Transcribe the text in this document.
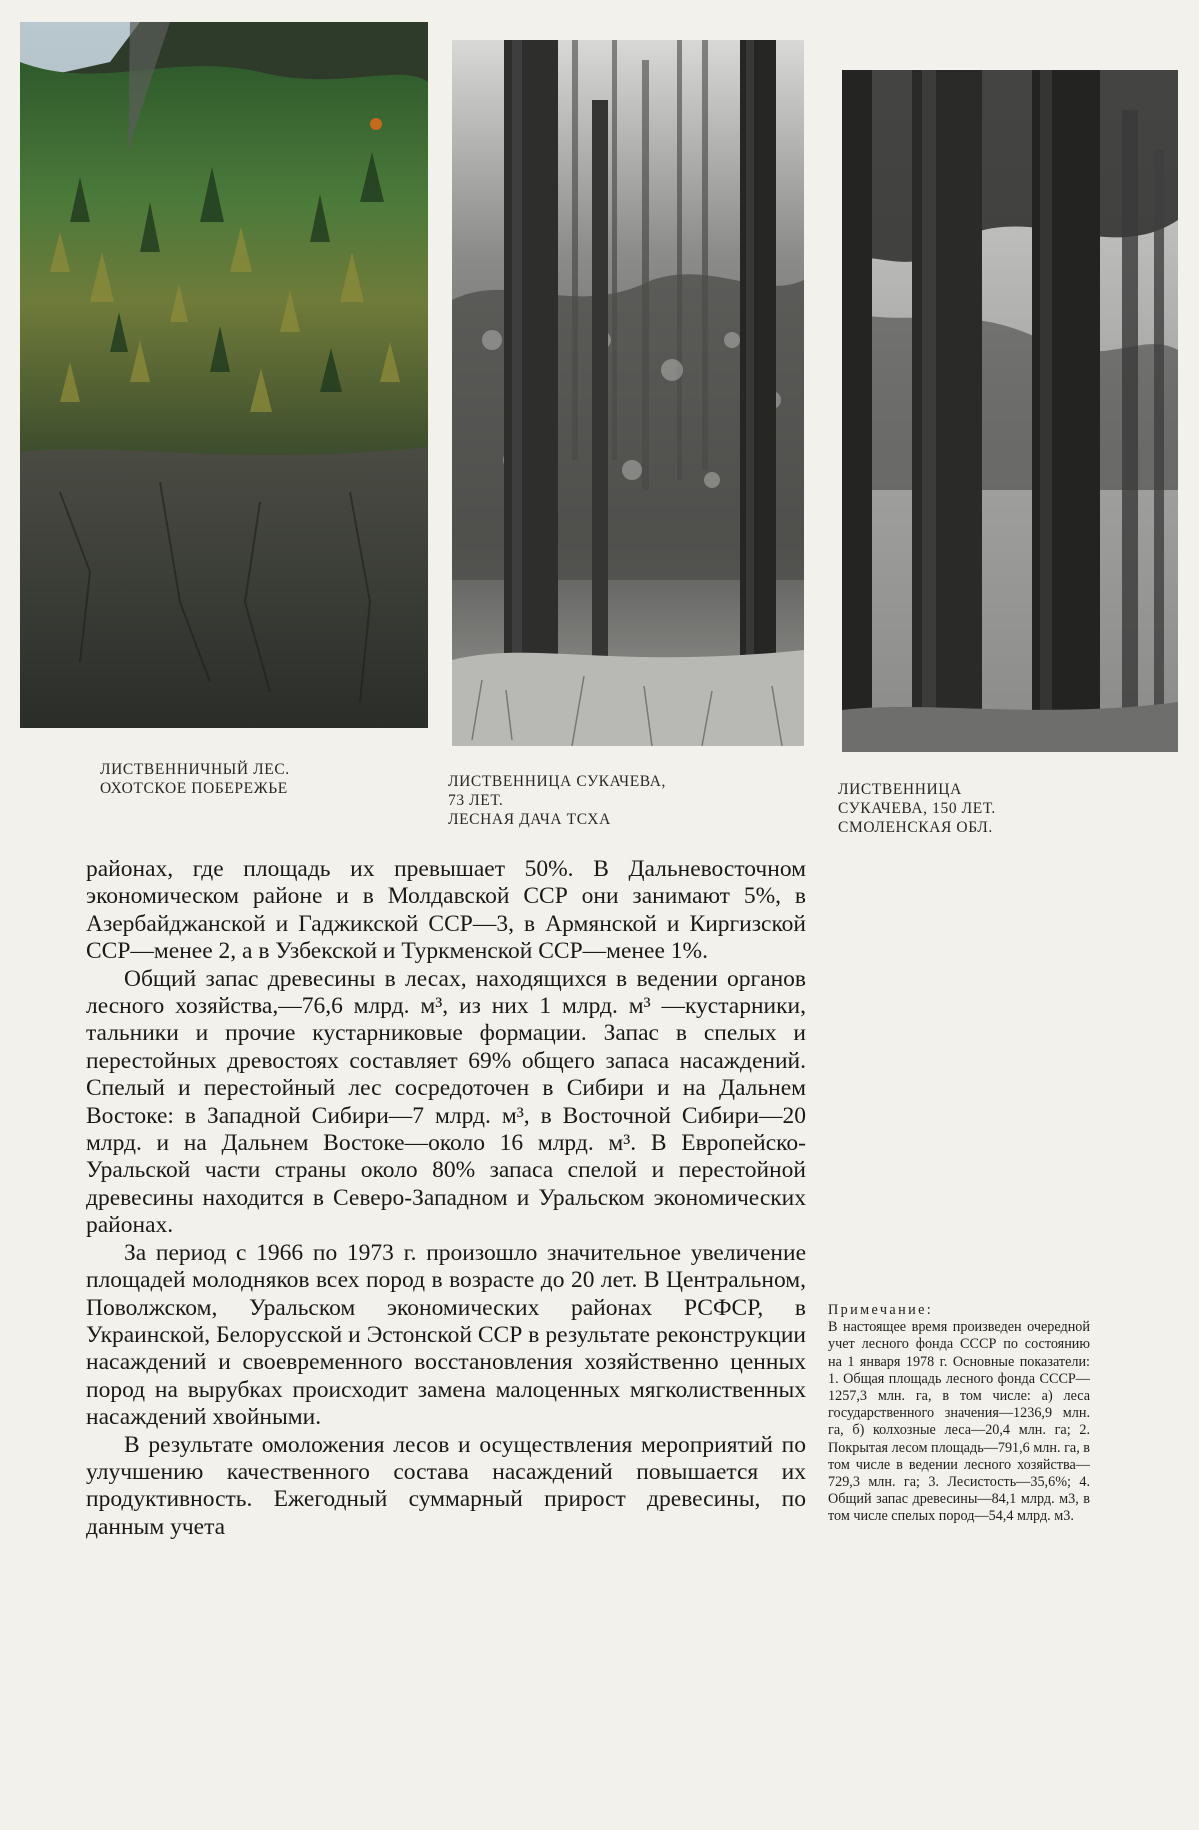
ЛИСТВЕННИЧНЫЙ ЛЕС.
ОХОТСКОЕ ПОБЕРЕЖЬЕ	ЛИСТВЕННИЦА СУКАЧЕВА,
73 ЛЕТ.
ЛЕСНАЯ ДАЧА ТСХА

ЛИСТВЕННИЦА
СУКАЧЕВА, 150 ЛЕТ.
СМОЛЕНСКАЯ ОБЛ.

районах, где площадь их превышает 50%. В Дальневосточном экономическом районе и в Молдавской ССР они занимают 5%, в Азербайджанской и Гаджикской ССР—3, в Армянской и Киргизской ССР—менее 2, а в Узбекской и Туркменской ССР—менее 1%.

Общий запас древесины в лесах, находящихся в ведении органов лесного хозяйства,—76,6 млрд. м³, из них 1 млрд. м³ —кустарники, тальники и прочие кустарниковые формации. Запас в спелых и перестойных древостоях составляет 69% общего запаса насаждений. Спелый и перестойный лес сосредоточен в Сибири и на Дальнем Востоке: в Западной Сибири—7 млрд. м³, в Восточной Сибири—20 млрд. и на Дальнем Востоке—около 16 млрд. м³. В Европейско-Уральской части страны около 80% запаса спелой и перестойной древесины находится в Северо-Западном и Уральском экономических районах.

За период с 1966 по 1973 г. произошло значительное увеличение площадей молодняков всех пород в возрасте до 20 лет. В Центральном, Поволжском, Уральском экономических районах РСФСР, в Украинской, Белорусской и Эстонской ССР в результате реконструкции насаждений и своевременного восстановления хозяйственно ценных пород на вырубках происходит замена малоценных мягколиственных насаждений хвойными.

В результате омоложения лесов и осуществления мероприятий по улучшению качественного состава насаждений повышается их продуктивность. Ежегодный суммарный прирост древесины, по данным учета

Примечание:

В настоящее время произведен очередной учет лесного фонда СССР по состоянию на 1 января 1978 г. Основные показатели: 1. Общая площадь лесного фонда СССР—1257,3 млн. га, в том числе: а) леса государственного значения—1236,9 млн. га, б) колхозные леса—20,4 млн. га; 2. Покрытая лесом площадь—791,6 млн. га, в том числе в ведении лесного хозяйства—729,3 млн. га; 3. Лесистость—35,6%; 4. Общий запас древесины—84,1 млрд. м3, в том числе спелых пород—54,4 млрд. м3.
